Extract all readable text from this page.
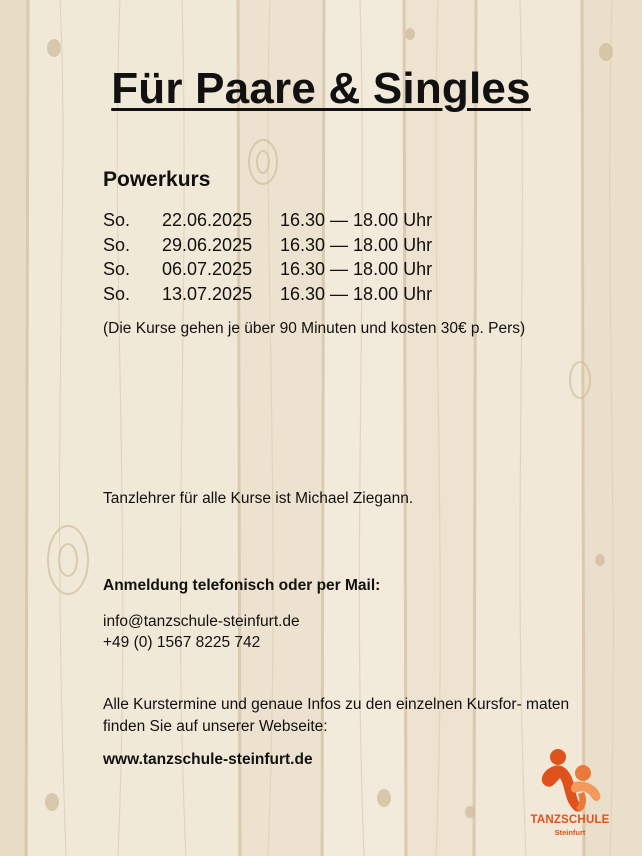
Für Paare & Singles
Powerkurs
So.	22.06.2025	16.30 — 18.00 Uhr
So.	29.06.2025	16.30 — 18.00 Uhr
So.	06.07.2025	16.30 — 18.00 Uhr
So.	13.07.2025	16.30 — 18.00 Uhr
(Die Kurse gehen je über 90 Minuten und kosten 30€ p. Pers)
Tanzlehrer für alle Kurse ist Michael Ziegann.
Anmeldung telefonisch oder per Mail:
info@tanzschule-steinfurt.de
+49 (0) 1567 8225 742
Alle Kurstermine und genaue Infos zu den einzelnen Kursfor- maten finden Sie auf unserer Webseite:
www.tanzschule-steinfurt.de
TANZSCHULE
Steinfurt
